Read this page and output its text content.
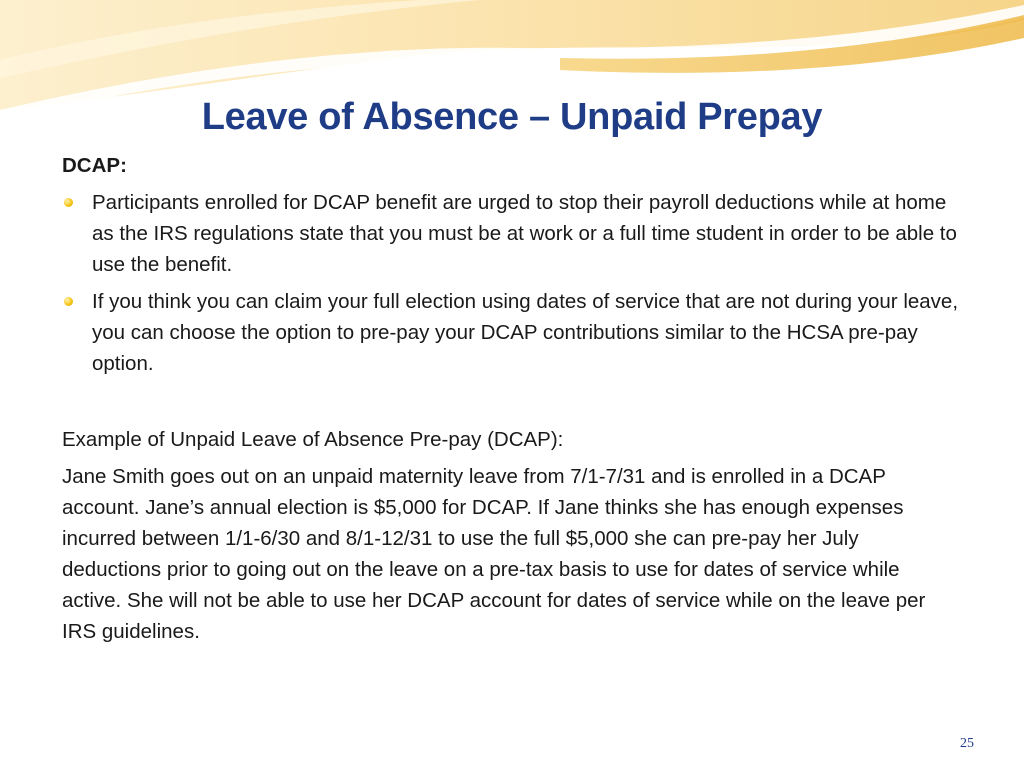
Leave of Absence – Unpaid Prepay
DCAP:
Participants enrolled for DCAP benefit are urged to stop their payroll deductions while at home as the IRS regulations state that you must be at work or a full time student in order to be able to use the benefit.
If you think you can claim your full election using dates of service that are not during your leave, you can choose the option to pre-pay your DCAP contributions similar to the HCSA pre-pay option.

Example of Unpaid Leave of Absence Pre-pay (DCAP):

Jane Smith goes out on an unpaid maternity leave from 7/1-7/31 and is enrolled in a DCAP account. Jane’s annual election is $5,000 for DCAP. If Jane thinks she has enough expenses incurred between 1/1-6/30 and 8/1-12/31 to use the full $5,000 she can pre-pay her July deductions prior to going out on the leave on a pre-tax basis to use for dates of service while active. She will not be able to use her DCAP account for dates of service while on the leave per IRS guidelines.

25
